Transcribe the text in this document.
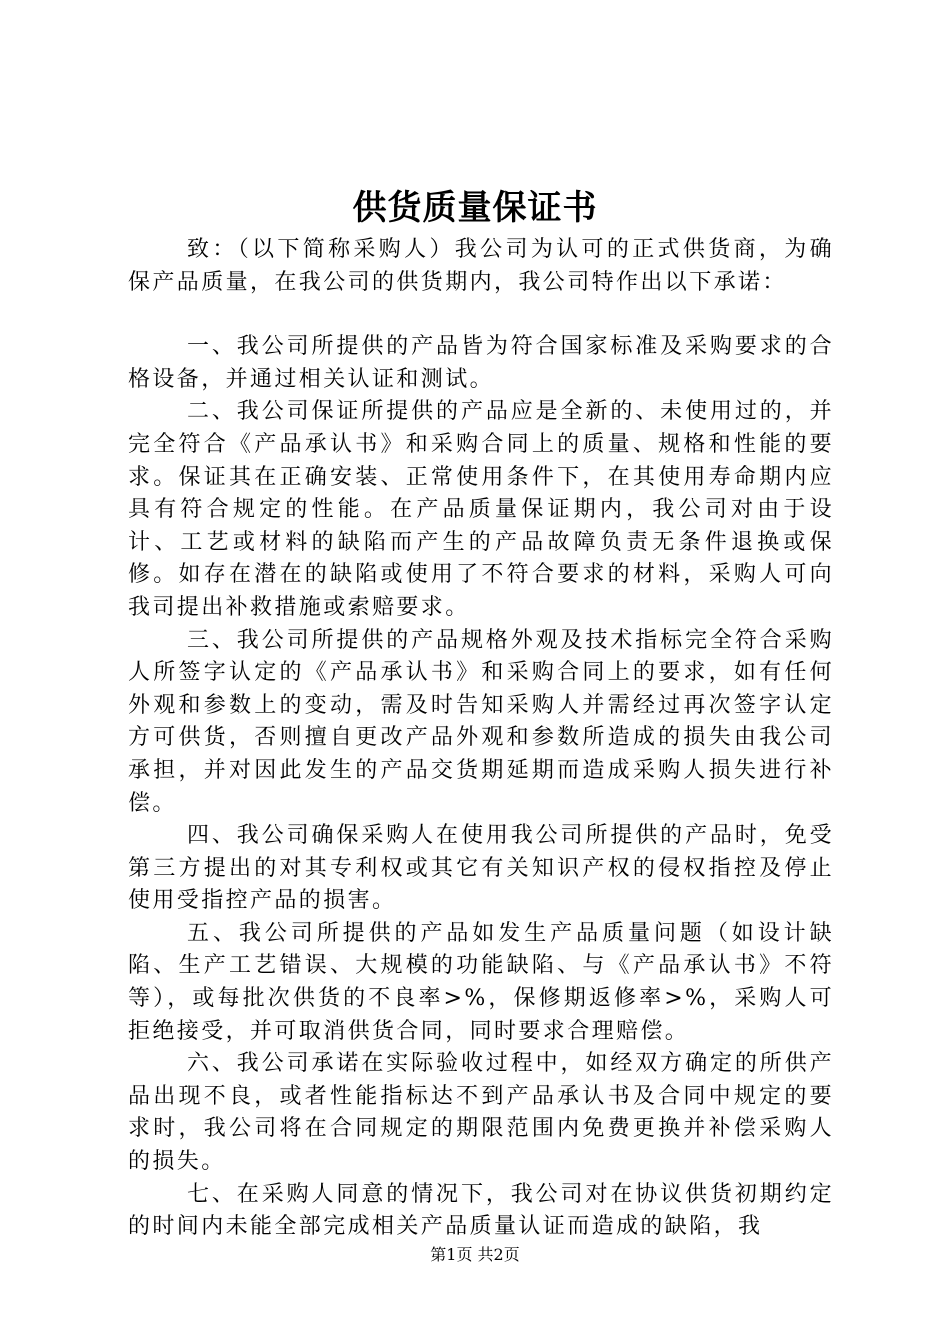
供货质量保证书

致：（以下简称采购人）我公司为认可的正式供货商，为确保产品质量，在我公司的供货期内，我公司特作出以下承诺：

一、我公司所提供的产品皆为符合国家标准及采购要求的合格设备，并通过相关认证和测试。

二、我公司保证所提供的产品应是全新的、未使用过的，并完全符合《产品承认书》和采购合同上的质量、规格和性能的要求。保证其在正确安装、正常使用条件下，在其使用寿命期内应具有符合规定的性能。在产品质量保证期内，我公司对由于设计、工艺或材料的缺陷而产生的产品故障负责无条件退换或保修。如存在潜在的缺陷或使用了不符合要求的材料，采购人可向我司提出补救措施或索赔要求。

三、我公司所提供的产品规格外观及技术指标完全符合采购人所签字认定的《产品承认书》和采购合同上的要求，如有任何外观和参数上的变动，需及时告知采购人并需经过再次签字认定方可供货，否则擅自更改产品外观和参数所造成的损失由我公司承担，并对因此发生的产品交货期延期而造成采购人损失进行补偿。

四、我公司确保采购人在使用我公司所提供的产品时，免受第三方提出的对其专利权或其它有关知识产权的侵权指控及停止使用受指控产品的损害。

五、我公司所提供的产品如发生产品质量问题（如设计缺陷、生产工艺错误、大规模的功能缺陷、与《产品承认书》不符等），或每批次供货的不良率>%，保修期返修率>%，采购人可拒绝接受，并可取消供货合同，同时要求合理赔偿。

六、我公司承诺在实际验收过程中，如经双方确定的所供产品出现不良，或者性能指标达不到产品承认书及合同中规定的要求时，我公司将在合同规定的期限范围内免费更换并补偿采购人的损失。

七、在采购人同意的情况下，我公司对在协议供货初期约定的时间内未能全部完成相关产品质量认证而造成的缺陷，我

第1页 共2页
